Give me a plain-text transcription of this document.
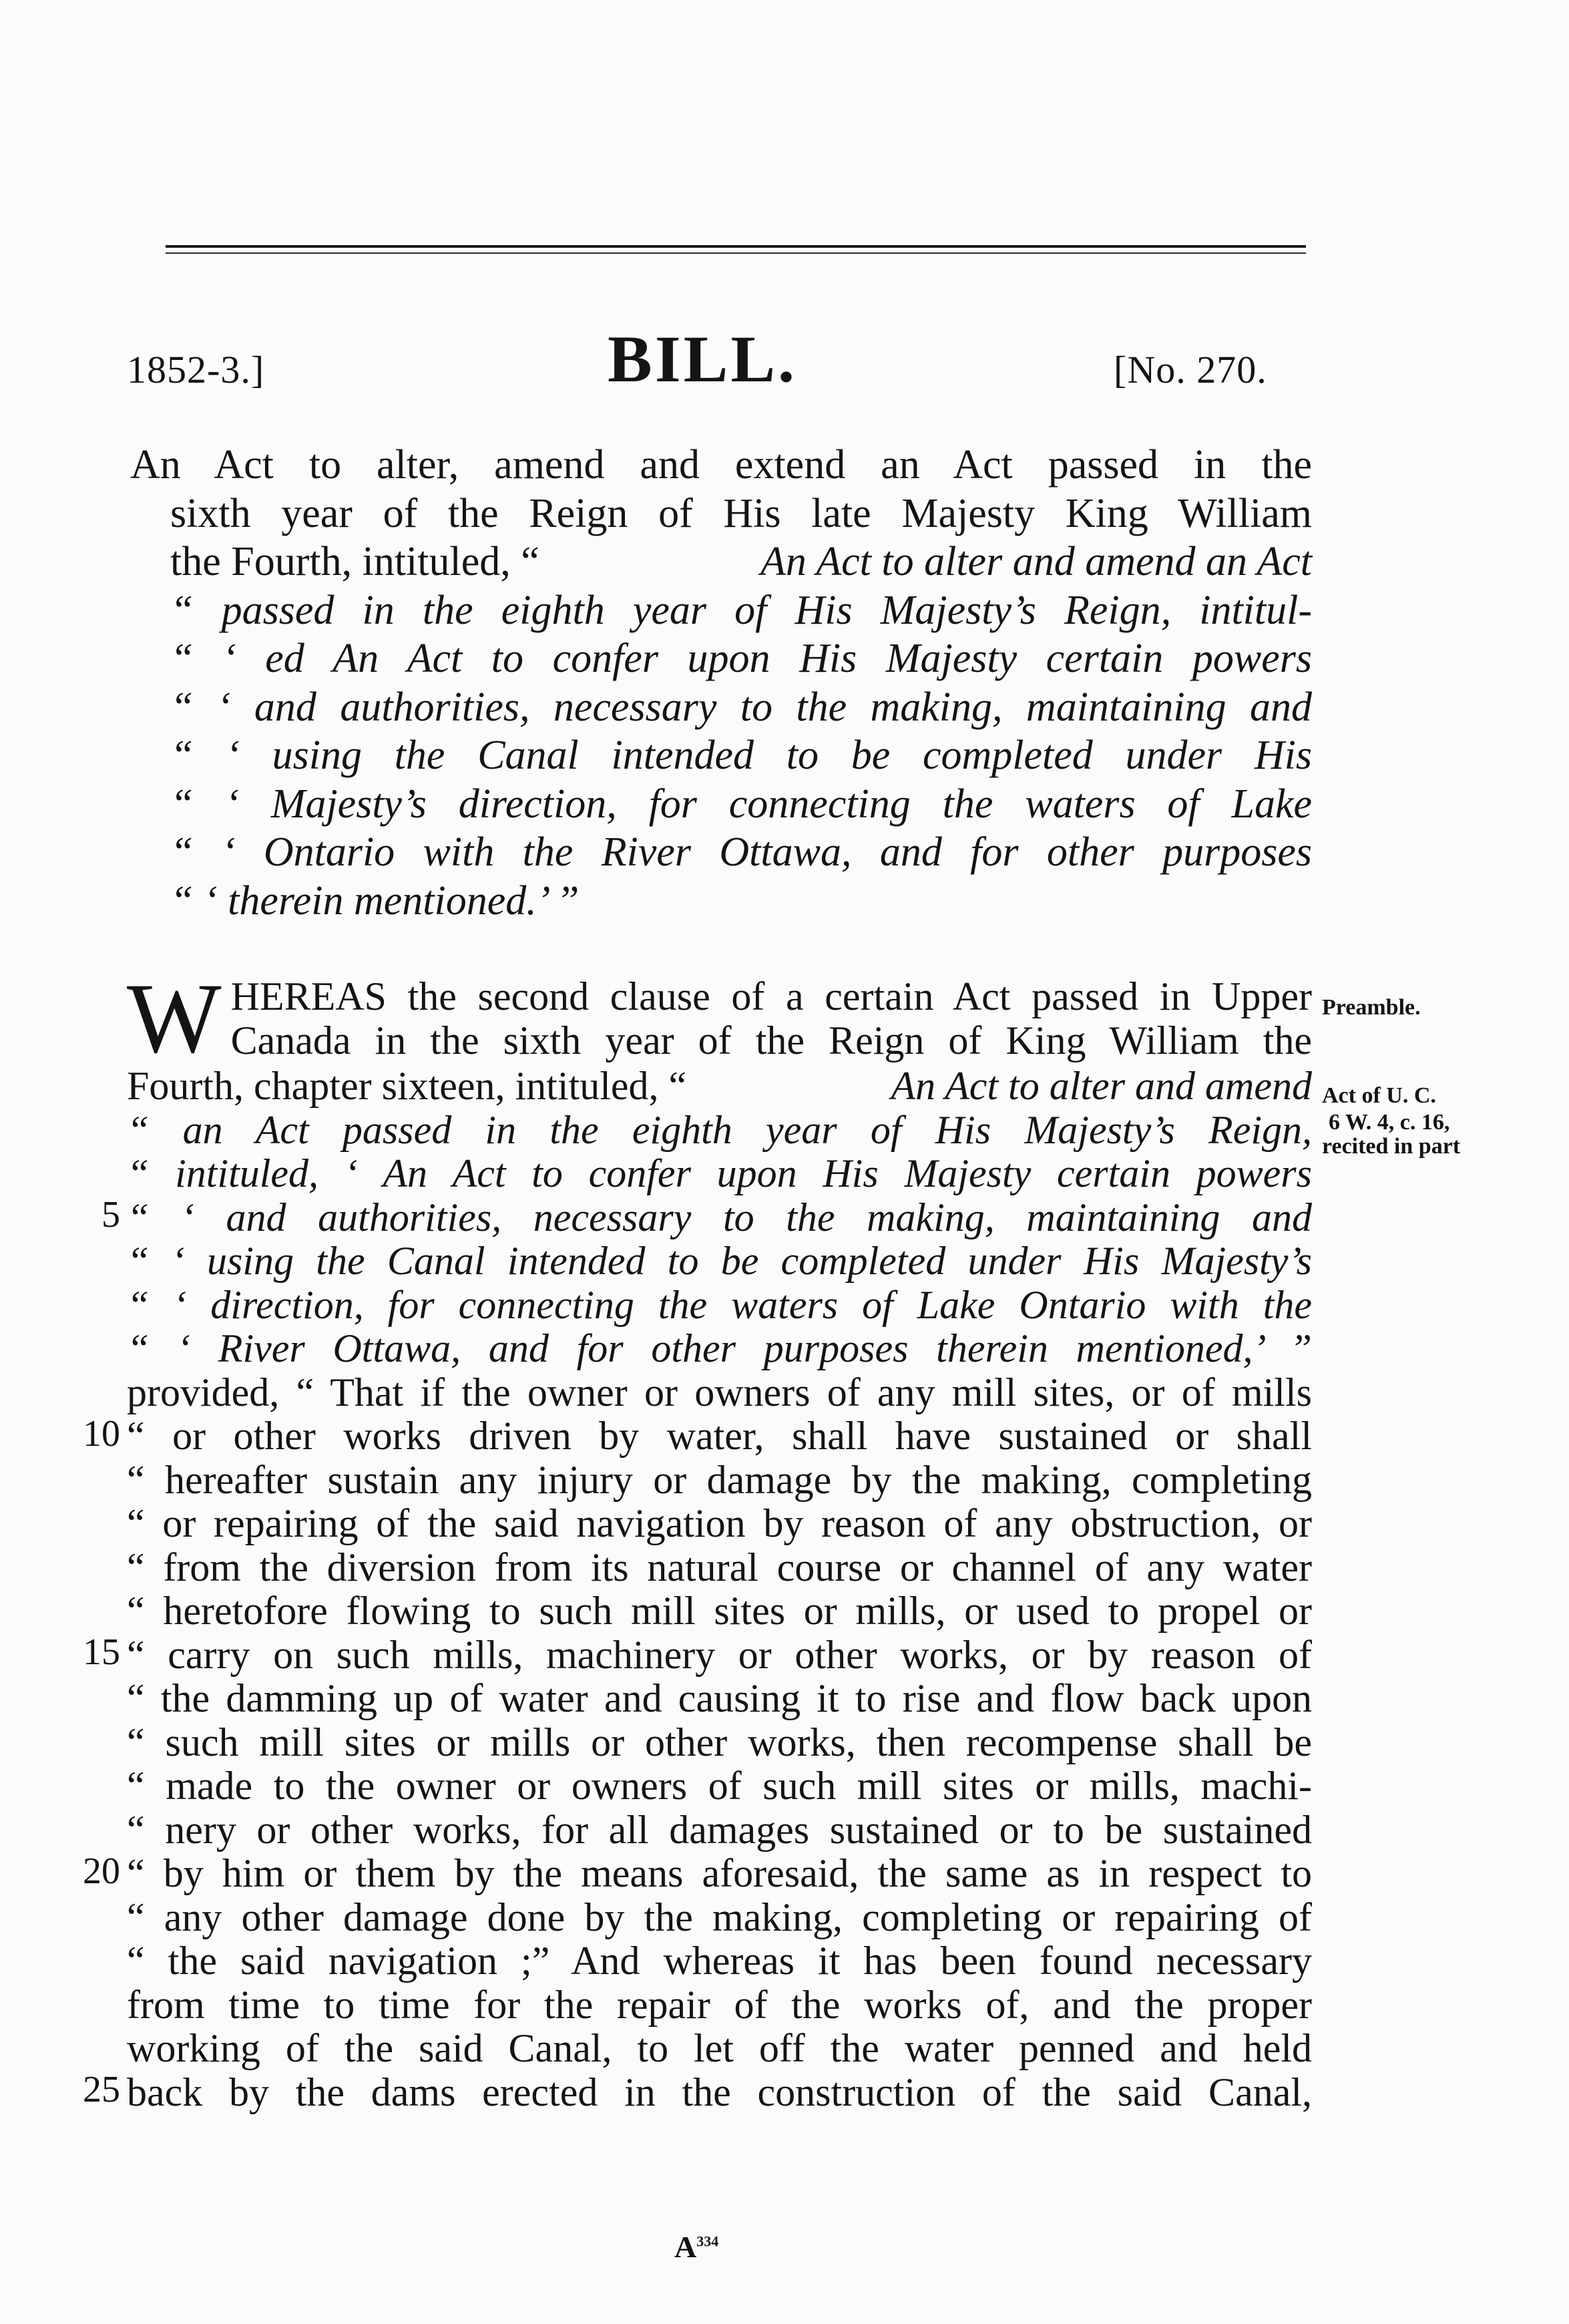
1852-3.]	BILL.	[No. 270.
An Act to alter, amend and extend an Act passed in the
sixth year of the Reign of His late Majesty King William
the Fourth, intituled, “	An Act to alter and amend an Act
“ passed in the eighth year of His Majesty’s Reign, intitul-
“ ‘ ed An Act to confer upon His Majesty certain powers
“ ‘ and authorities, necessary to the making, maintaining and
“ ‘ using the Canal intended to be completed under His
“ ‘ Majesty’s direction, for connecting the waters of Lake
“ ‘ Ontario with the River Ottawa, and for other purposes
“ ‘ therein mentioned.’ ”
W HEREAS the second clause of a certain Act passed in Upper
Canada in the sixth year of the Reign of King William the
Fourth, chapter sixteen, intituled, “	An Act to alter and amend
“ an Act passed in the eighth year of His Majesty’s Reign,
“ intituled, ‘ An Act to confer upon His Majesty certain powers
“ ‘ and authorities, necessary to the making, maintaining and
“ ‘ using the Canal intended to be completed under His Majesty’s
“ ‘ direction, for connecting the waters of Lake Ontario with the
“ ‘ River Ottawa, and for other purposes therein mentioned,’ ”
provided, “ That if the owner or owners of any mill sites, or of mills
“ or other works driven by water, shall have sustained or shall
“ hereafter sustain any injury or damage by the making, completing
“ or repairing of the said navigation by reason of any obstruction, or
“ from the diversion from its natural course or channel of any water
“ heretofore flowing to such mill sites or mills, or used to propel or
“ carry on such mills, machinery or other works, or by reason of
“ the damming up of water and causing it to rise and flow back upon
“ such mill sites or mills or other works, then recompense shall be
“ made to the owner or owners of such mill sites or mills, machi-
“ nery or other works, for all damages sustained or to be sustained
“ by him or them by the means aforesaid, the same as in respect to
“ any other damage done by the making, completing or repairing of
“ the said navigation ;” And whereas it has been found necessary
from time to time for the repair of the works of, and the proper
working of the said Canal, to let off the water penned and held
back by the dams erected in the construction of the said Canal,
5
10
15
20
25
Preamble.
Act of U. C.
6 W. 4, c. 16,
recited in part
$A^{334}$
